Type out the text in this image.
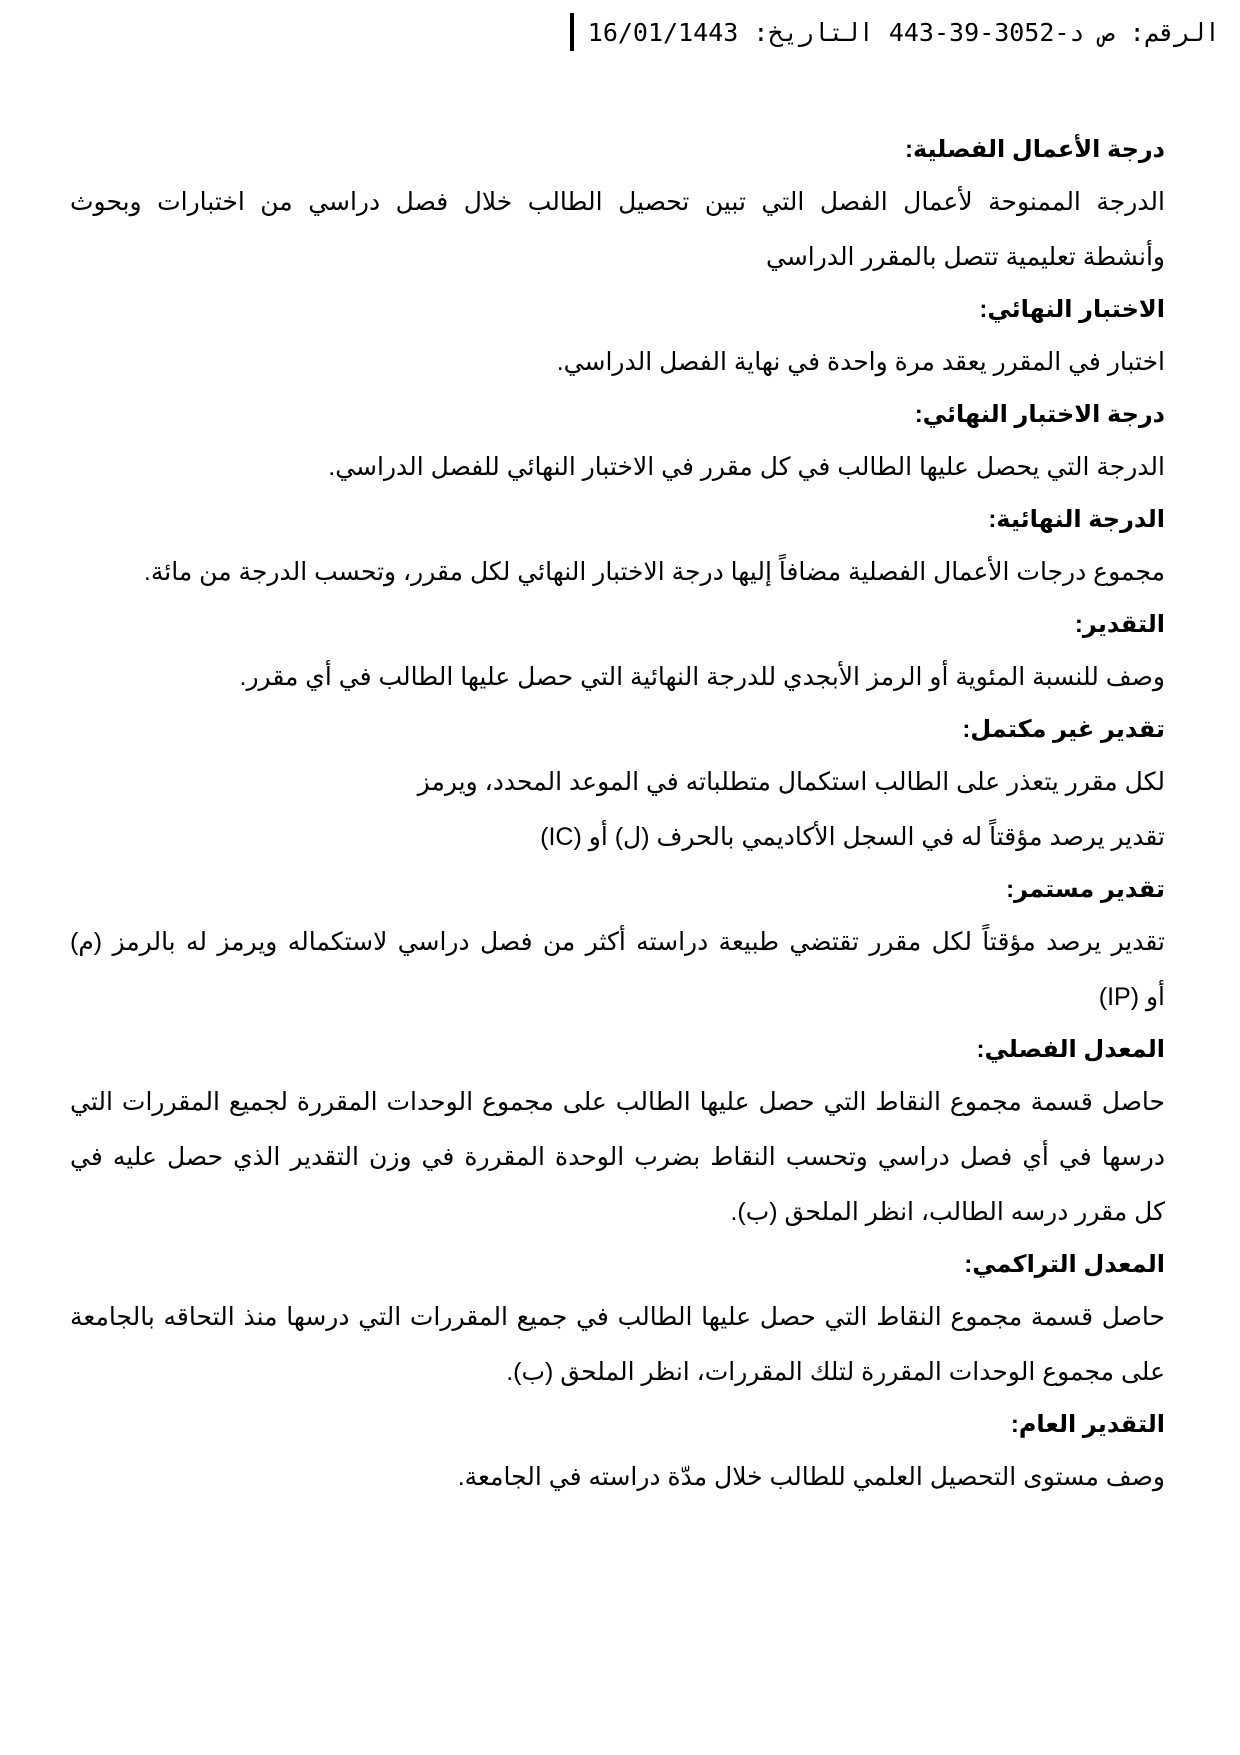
الرقم: ص د-3052-39-443 التاريخ: 16/01/1443
درجة الأعمال الفصلية:
الدرجة الممنوحة لأعمال الفصل التي تبين تحصيل الطالب خلال فصل دراسي من اختبارات وبحوث
وأنشطة تعليمية تتصل بالمقرر الدراسي
الاختبار النهائي:
اختبار في المقرر يعقد مرة واحدة في نهاية الفصل الدراسي.
درجة الاختبار النهائي:
الدرجة التي يحصل عليها الطالب في كل مقرر في الاختبار النهائي للفصل الدراسي.
الدرجة النهائية:
مجموع درجات الأعمال الفصلية مضافاً إليها درجة الاختبار النهائي لكل مقرر، وتحسب الدرجة من مائة.
التقدير:
وصف للنسبة المئوية أو الرمز الأبجدي للدرجة النهائية التي حصل عليها الطالب في أي مقرر.
تقدير غير مكتمل:
لكل مقرر يتعذر على الطالب استكمال متطلباته في الموعد المحدد، ويرمز
تقدير يرصد مؤقتاً له في السجل الأكاديمي بالحرف (ل) أو (IC)
تقدير مستمر:
تقدير يرصد مؤقتاً لكل مقرر تقتضي طبيعة دراسته أكثر من فصل دراسي لاستكماله ويرمز له بالرمز (م)
أو (IP)
المعدل الفصلي:
حاصل قسمة مجموع النقاط التي حصل عليها الطالب على مجموع الوحدات المقررة لجميع المقررات التي
درسها في أي فصل دراسي وتحسب النقاط بضرب الوحدة المقررة في وزن التقدير الذي حصل عليه في
كل مقرر درسه الطالب، انظر الملحق (ب).
المعدل التراكمي:
حاصل قسمة مجموع النقاط التي حصل عليها الطالب في جميع المقررات التي درسها منذ التحاقه بالجامعة
على مجموع الوحدات المقررة لتلك المقررات، انظر الملحق (ب).
التقدير العام:
وصف مستوى التحصيل العلمي للطالب خلال مدّة دراسته في الجامعة.
